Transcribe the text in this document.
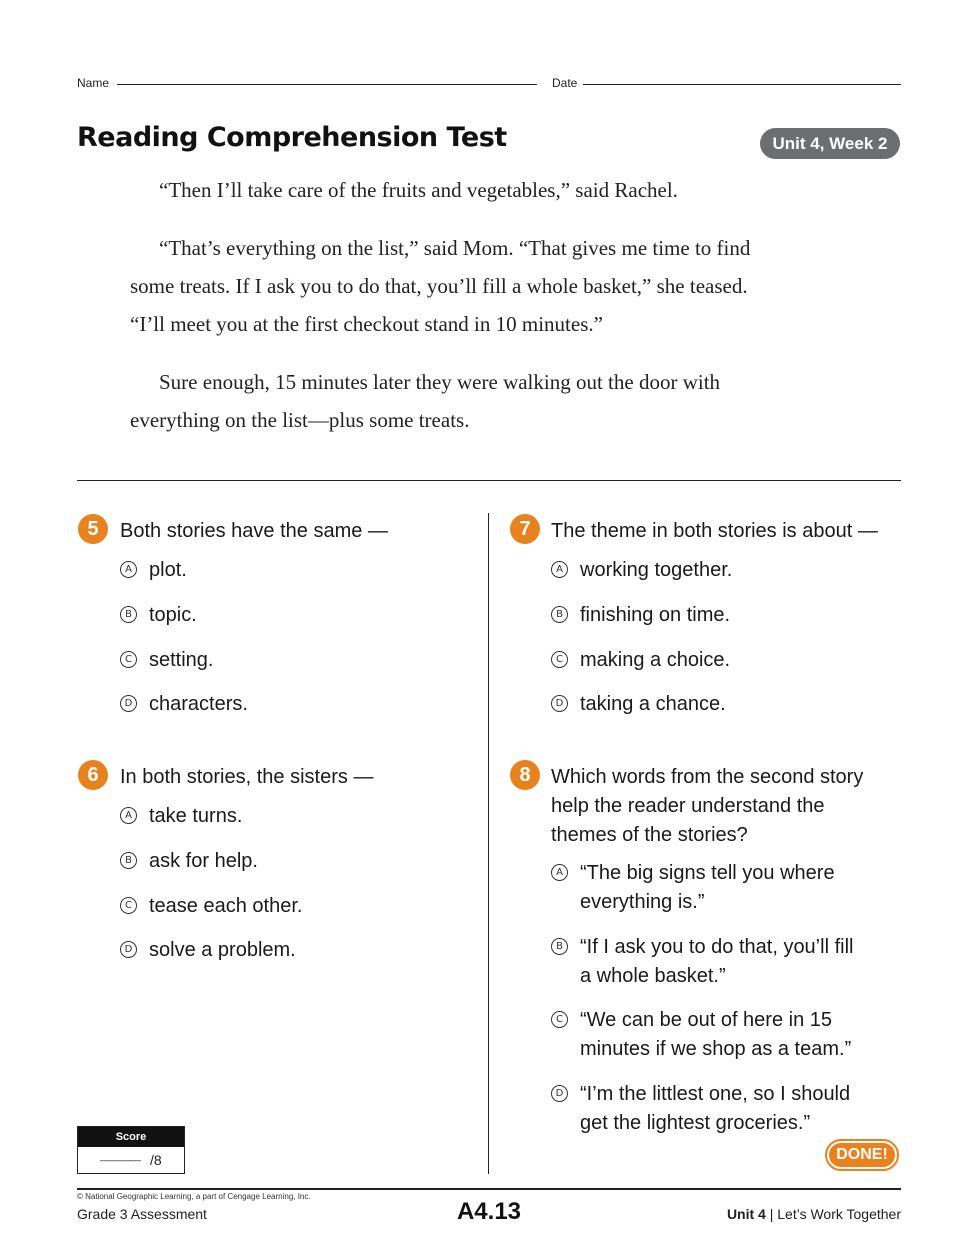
Name	Date
Reading Comprehension Test	Unit 4, Week 2

“Then I’ll take care of the fruits and vegetables,” said Rachel.

“That’s everything on the list,” said Mom. “That gives me time to find

some treats. If I ask you to do that, you’ll fill a whole basket,” she teased.

“I’ll meet you at the first checkout stand in 10 minutes.”

Sure enough, 15 minutes later they were walking out the door with

everything on the list—plus some treats.

5	Both stories have the same —
A plot.
B topic.
C setting.
D characters.
6	In both stories, the sisters —
A take turns.
B ask for help.
C tease each other.
D solve a problem.
7	The theme in both stories is about —
A working together.
B finishing on time.
C making a choice.
D taking a chance.
8	Which words from the second story
help the reader understand the
themes of the stories?
A “The big signs tell you where
everything is.”
B “If I ask you to do that, you’ll fill
a whole basket.”
C “We can be out of here in 15
minutes if we shop as a team.”
D “I’m the littlest one, so I should
get the lightest groceries.”
Score
________ /8	DONE!
© National Geographic Learning, a part of Cengage Learning, Inc.
Grade 3 Assessment	A4.13	Unit 4 | Let’s Work Together
